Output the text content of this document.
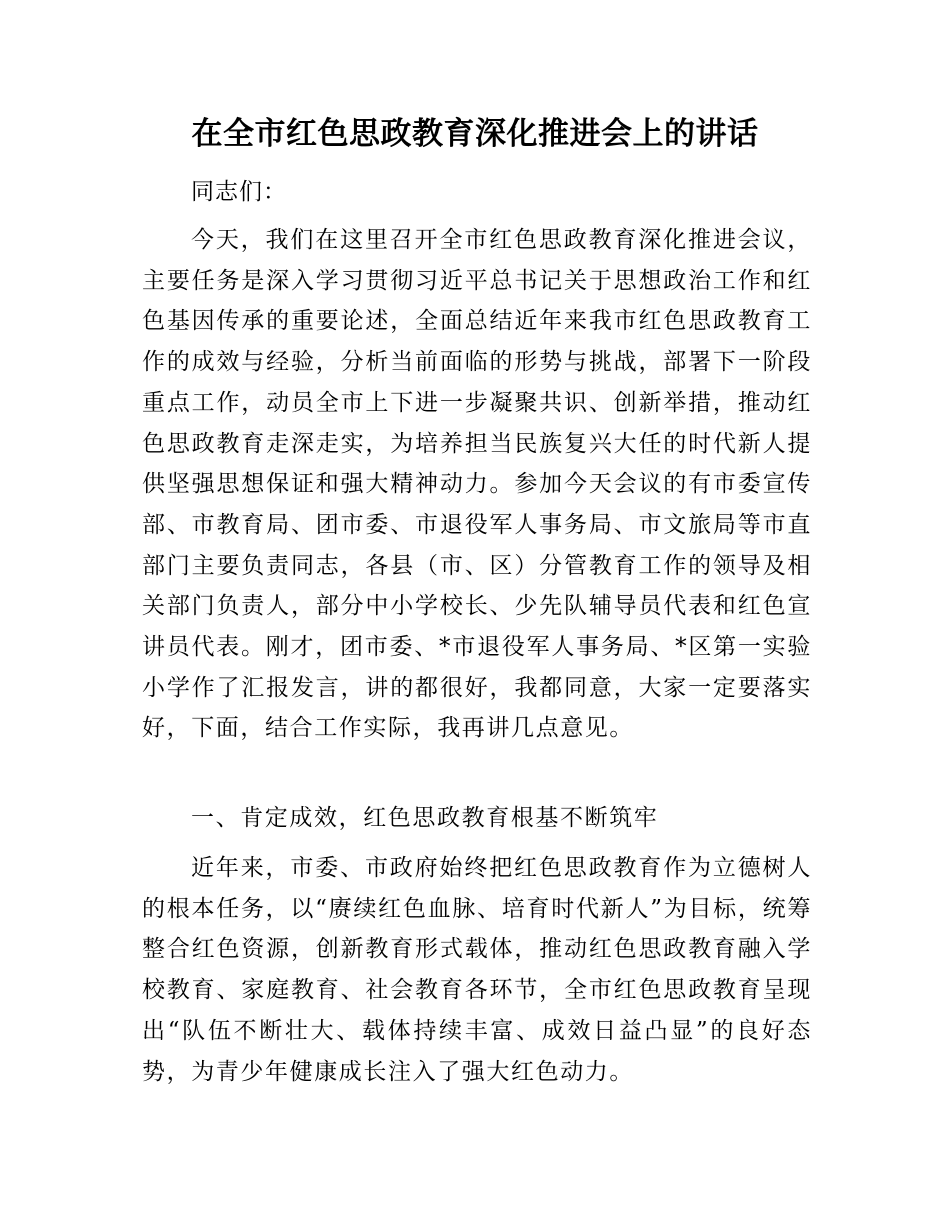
在全市红色思政教育深化推进会上的讲话
同志们：

今天，我们在这里召开全市红色思政教育深化推进会议，主要任务是深入学习贯彻习近平总书记关于思想政治工作和红色基因传承的重要论述，全面总结近年来我市红色思政教育工作的成效与经验，分析当前面临的形势与挑战，部署下一阶段重点工作，动员全市上下进一步凝聚共识、创新举措，推动红色思政教育走深走实，为培养担当民族复兴大任的时代新人提供坚强思想保证和强大精神动力。参加今天会议的有市委宣传部、市教育局、团市委、市退役军人事务局、市文旅局等市直部门主要负责同志，各县（市、区）分管教育工作的领导及相关部门负责人，部分中小学校长、少先队辅导员代表和红色宣讲员代表。刚才，团市委、*市退役军人事务局、*区第一实验小学作了汇报发言，讲的都很好，我都同意，大家一定要落实好，下面，结合工作实际，我再讲几点意见。

一、肯定成效，红色思政教育根基不断筑牢

近年来，市委、市政府始终把红色思政教育作为立德树人的根本任务，以“赓续红色血脉、培育时代新人”为目标，统筹整合红色资源，创新教育形式载体，推动红色思政教育融入学校教育、家庭教育、社会教育各环节，全市红色思政教育呈现出“队伍不断壮大、载体持续丰富、成效日益凸显”的良好态势，为青少年健康成长注入了强大红色动力。
